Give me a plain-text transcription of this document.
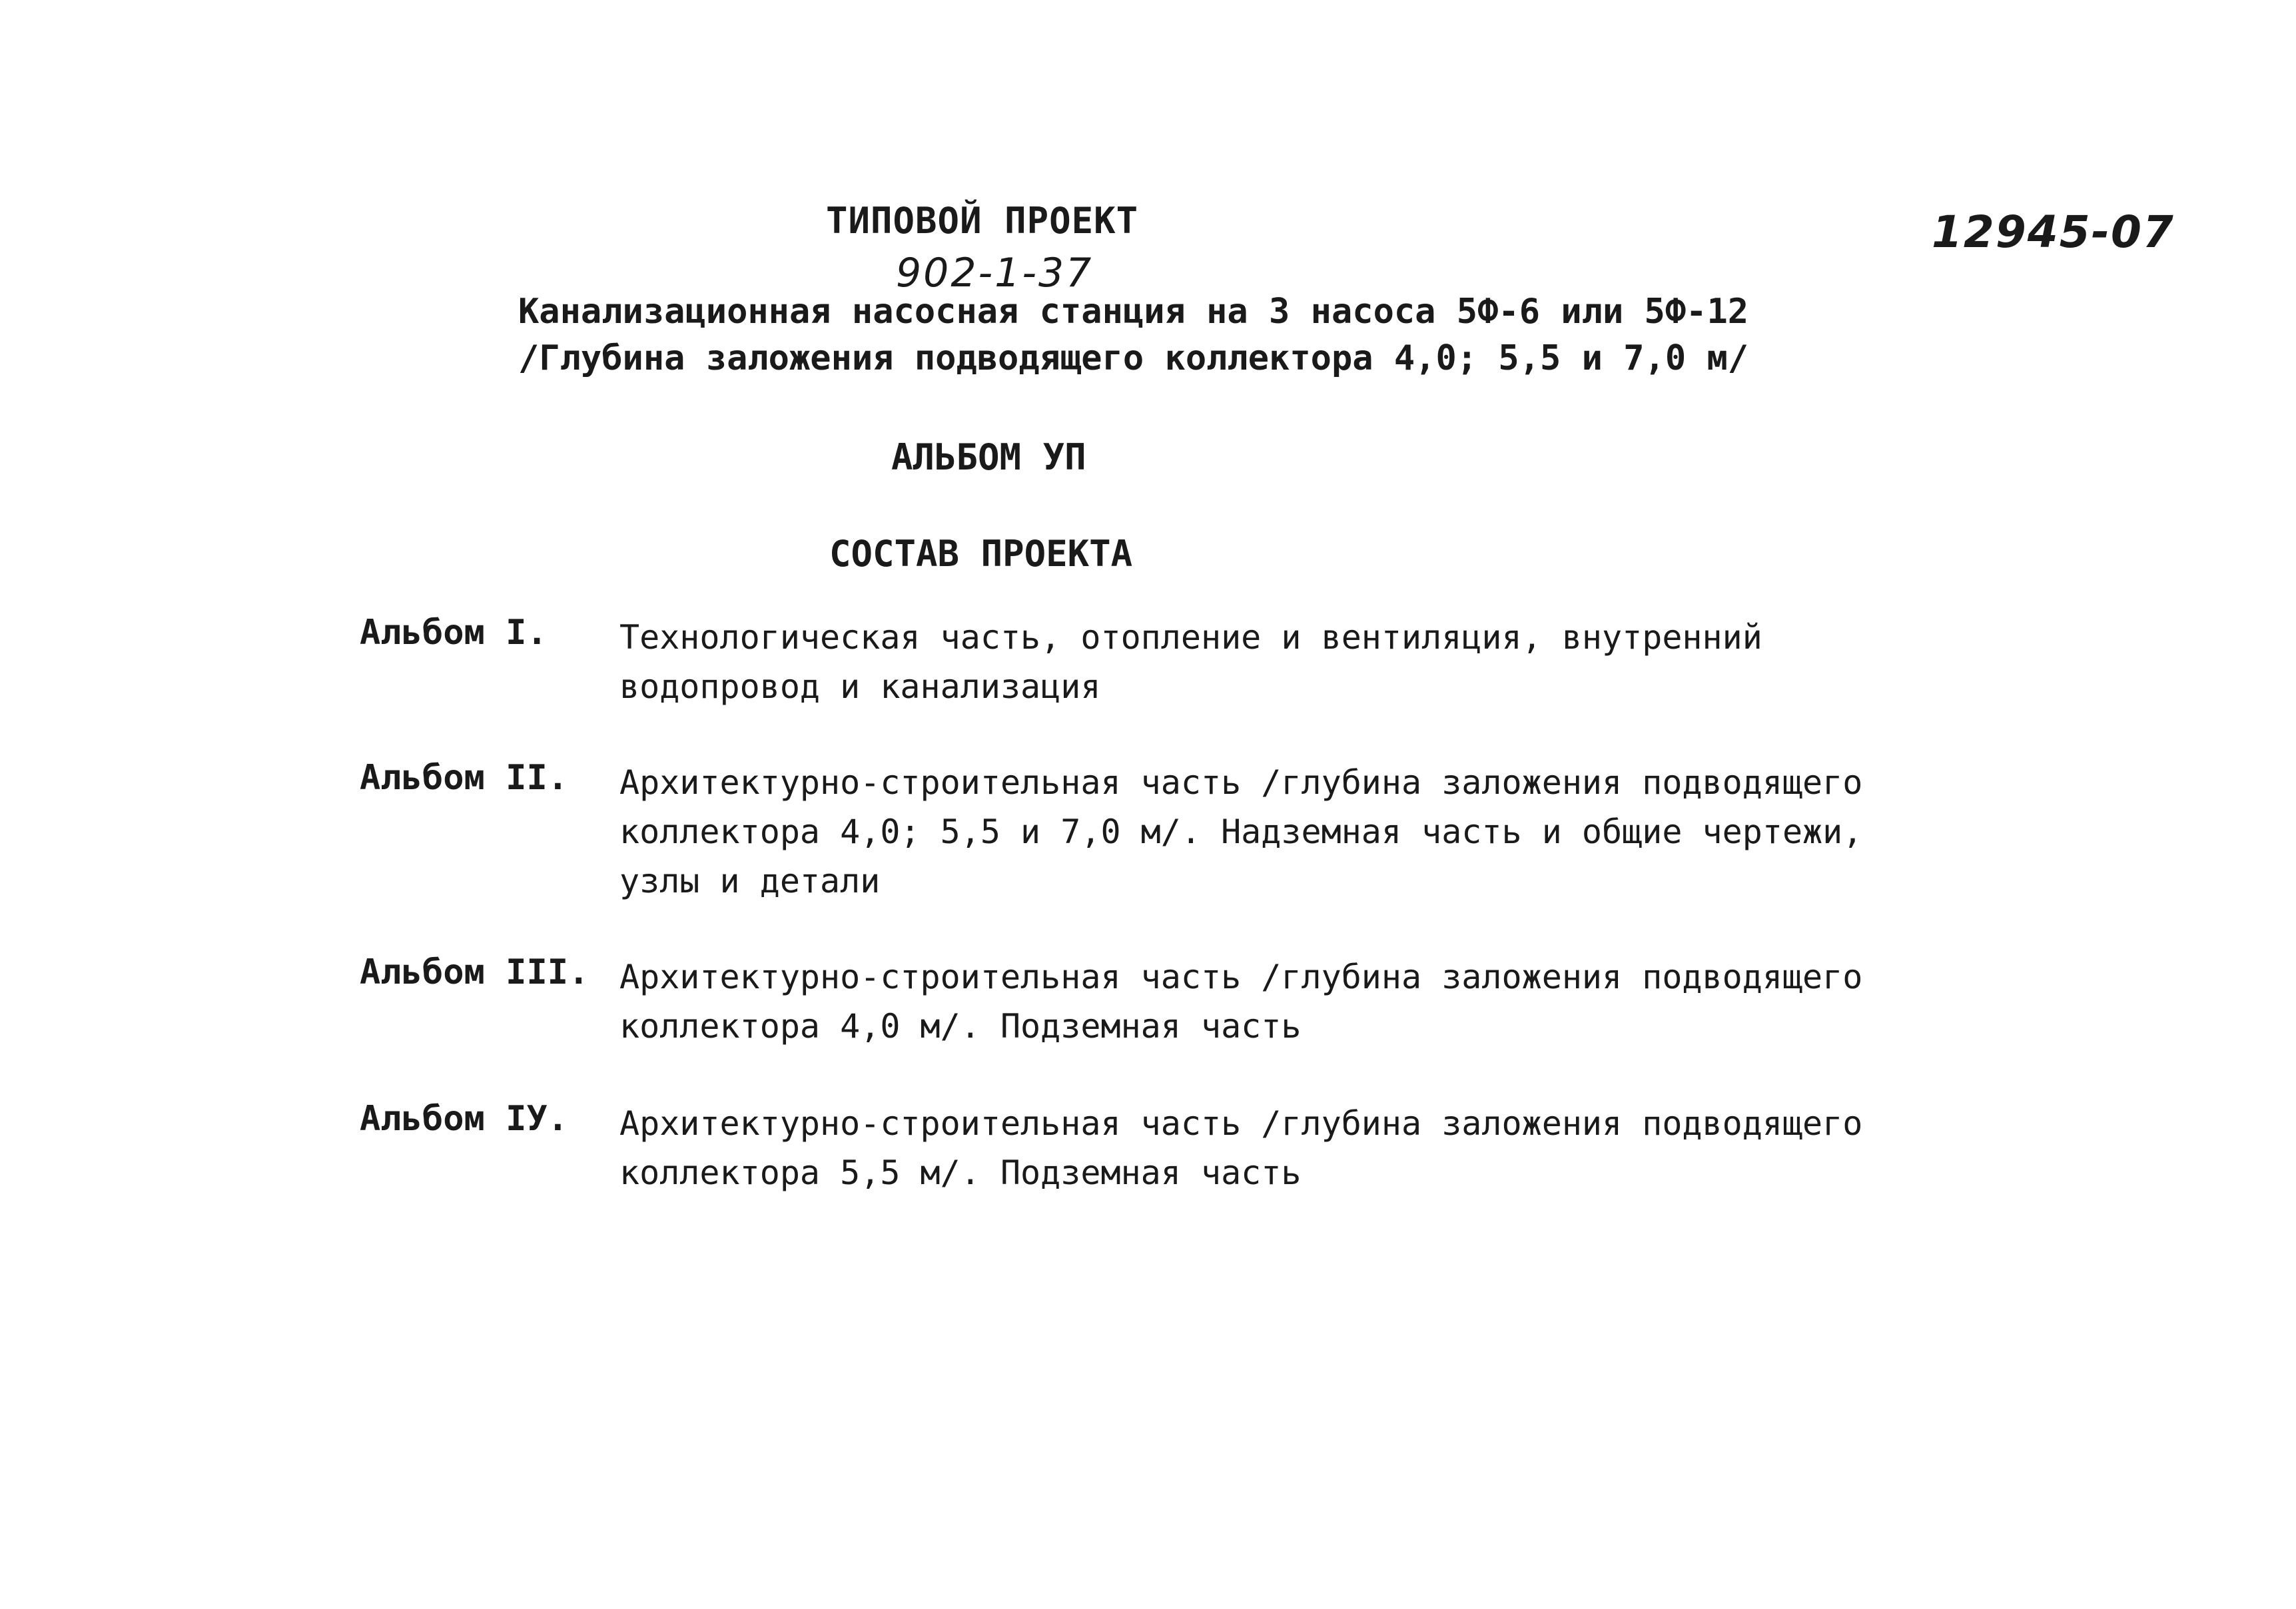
ТИПОВОЙ ПРОЕКТ
902-1-37
12945-07
Канализационная насосная станция на 3 насоса 5Ф-6 или 5Ф-12
/Глубина заложения подводящего коллектора 4,0; 5,5 и 7,0 м/
АЛЬБОМ УП
СОСТАВ ПРОЕКТА
Альбом I.	Технологическая часть, отопление и вентиляция, внутренний
водопровод и канализация
Альбом II.	Архитектурно-строительная часть /глубина заложения подводящего
коллектора 4,0; 5,5 и 7,0 м/. Надземная часть и общие чертежи,
узлы и детали
Альбом III. Архитектурно-строительная часть /глубина заложения подводящего
коллектора 4,0 м/. Подземная часть
Альбом IУ.	Архитектурно-строительная часть /глубина заложения подводящего
коллектора 5,5 м/. Подземная часть
